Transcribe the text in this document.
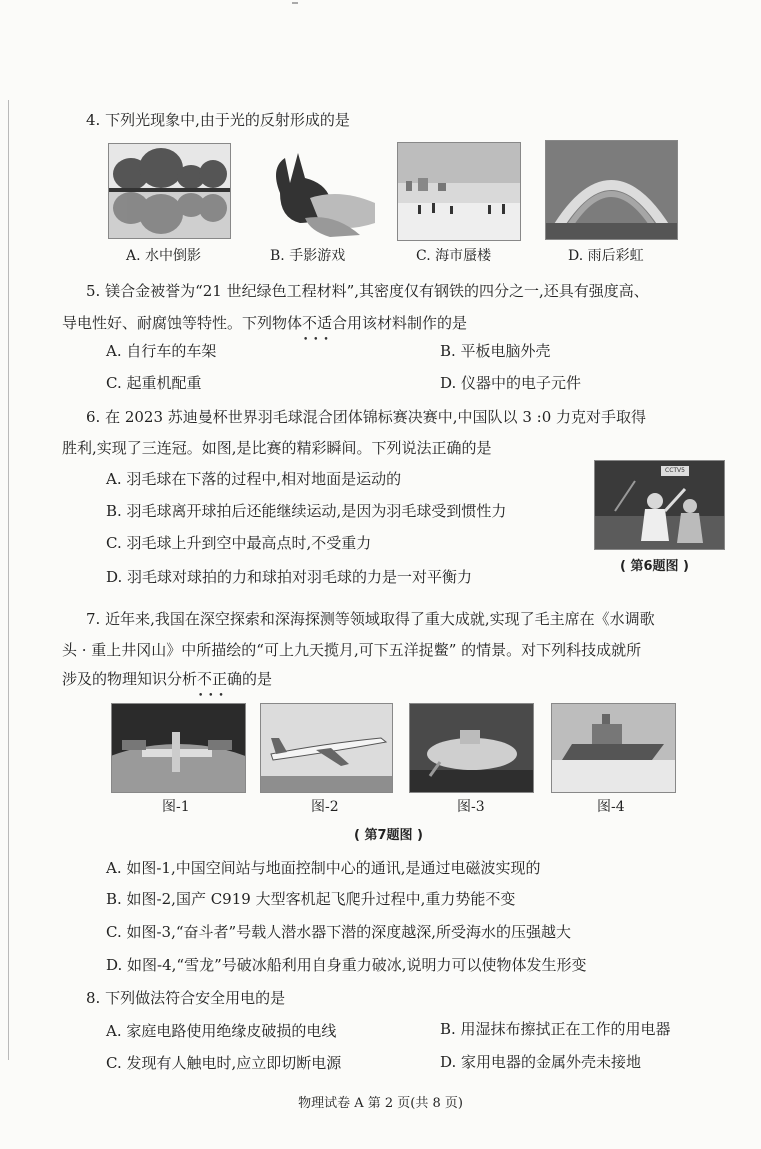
4. 下列光现象中,由于光的反射形成的是
A. 水中倒影	B. 手影游戏	C. 海市蜃楼	D. 雨后彩虹
5. 镁合金被誉为“21 世纪绿色工程材料”,其密度仅有钢铁的四分之一,还具有强度高、
导电性好、耐腐蚀等特性。下列物体不适合 • • •用该材料制作的是
A. 自行车的车架	B. 平板电脑外壳
C. 起重机配重	D. 仪器中的电子元件
6. 在 2023 苏迪曼杯世界羽毛球混合团体锦标赛决赛中,中国队以 3 :0 力克对手取得
胜利,实现了三连冠。如图,是比赛的精彩瞬间。下列说法正确的是
A. 羽毛球在下落的过程中,相对地面是运动的
B. 羽毛球离开球拍后还能继续运动,是因为羽毛球受到惯性力
C. 羽毛球上升到空中最高点时,不受重力
D. 羽毛球对球拍的力和球拍对羽毛球的力是一对平衡力
CCTV5
( 第6题图 )
7. 近年来,我国在深空探索和深海探测等领域取得了重大成就,实现了毛主席在《水调歌
头 · 重上井冈山》中所描绘的“可上九天揽月,可下五洋捉鳖” 的情景。对下列科技成就所
涉及的物理知识分析不正确 • • •的是
图-1	图-2	图-3	图-4
( 第7题图 )
A. 如图-1,中国空间站与地面控制中心的通讯,是通过电磁波实现的
B. 如图-2,国产 C919 大型客机起飞爬升过程中,重力势能不变
C. 如图-3,“奋斗者”号载人潜水器下潜的深度越深,所受海水的压强越大
D. 如图-4,“雪龙”号破冰船利用自身重力破冰,说明力可以使物体发生形变
8. 下列做法符合安全用电的是
A. 家庭电路使用绝缘皮破损的电线	B. 用湿抹布擦拭正在工作的用电器
C. 发现有人触电时,应立即切断电源	D. 家用电器的金属外壳未接地
物理试卷 A 第 2 页(共 8 页)
